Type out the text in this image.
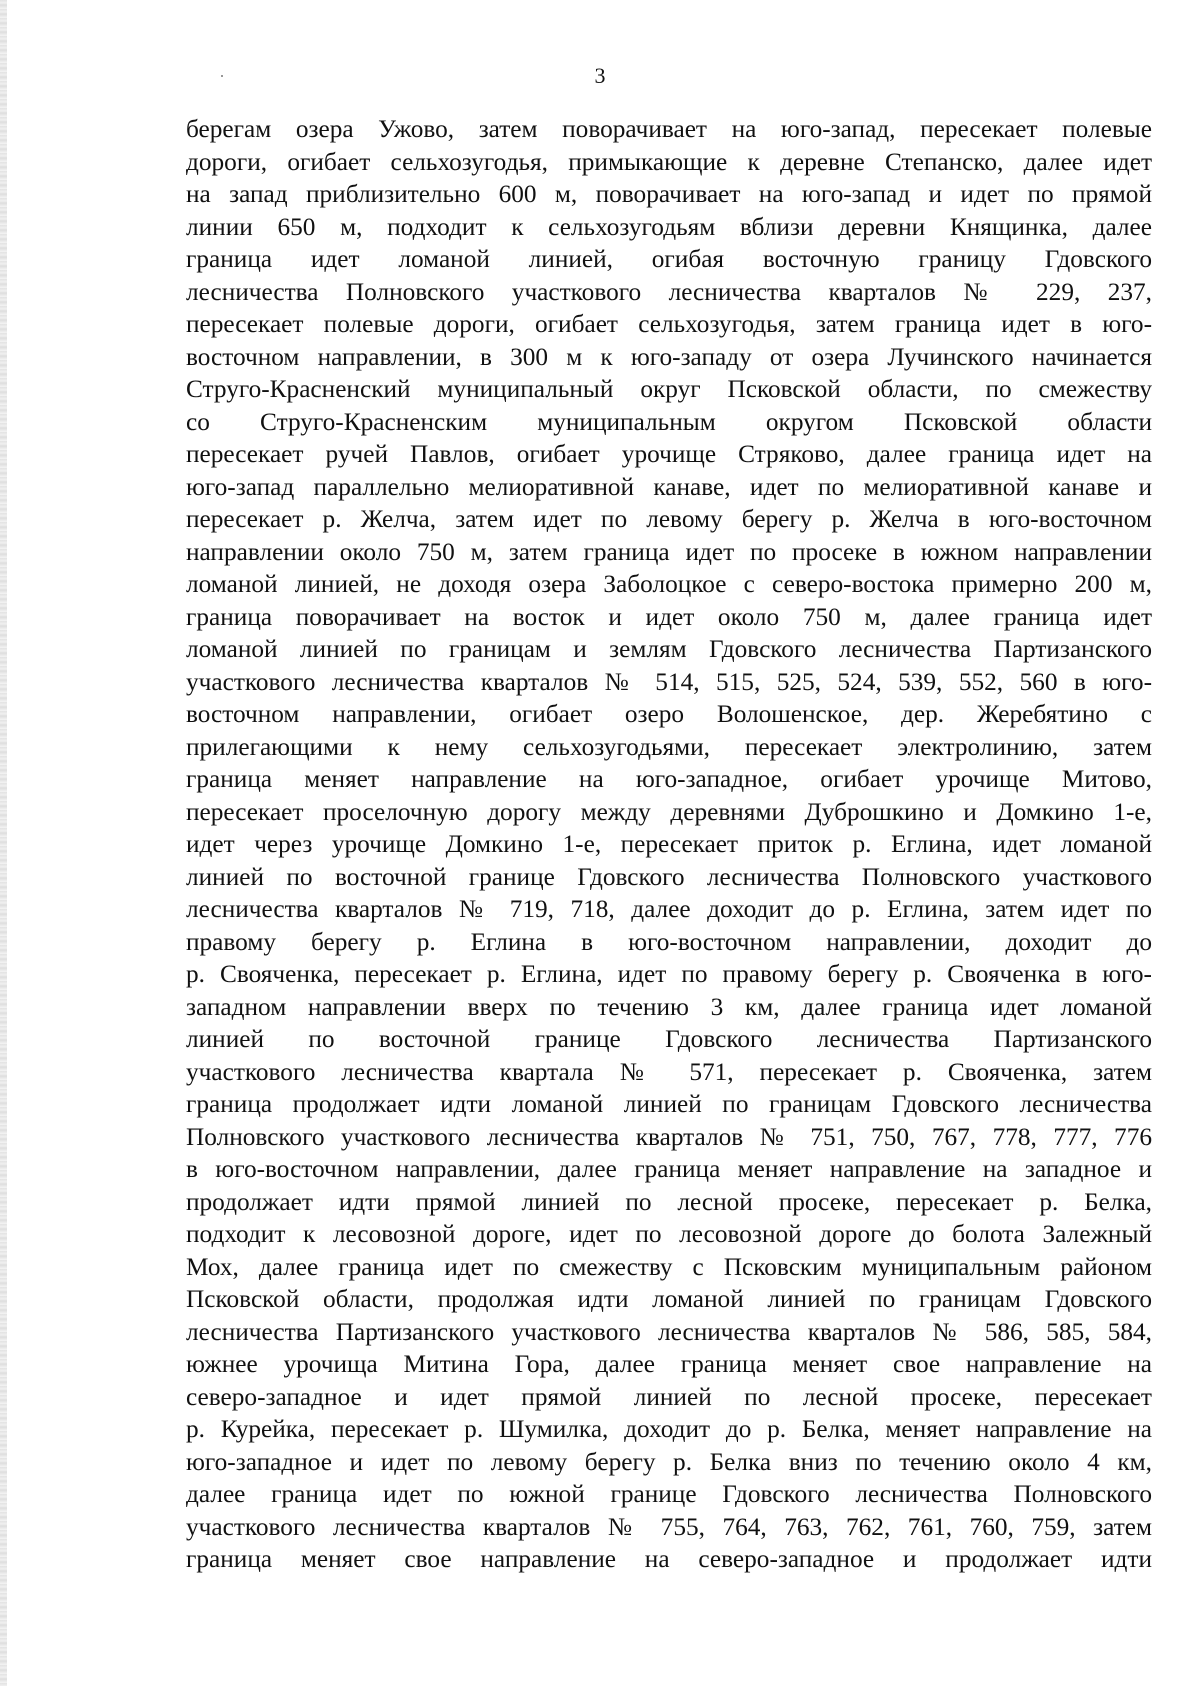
3
берегам озера Ужово, затем поворачивает на юго-запад, пересекает полевые
дороги, огибает сельхозугодья, примыкающие к деревне Степанско, далее идет
на запад приблизительно 600 м, поворачивает на юго-запад и идет по прямой
линии 650 м, подходит к сельхозугодьям вблизи деревни Княщинка, далее
граница идет ломаной линией, огибая восточную границу Гдовского
лесничества Полновского участкового лесничества кварталов № 229, 237,
пересекает полевые дороги, огибает сельхозугодья, затем граница идет в юго-
восточном направлении, в 300 м к юго-западу от озера Лучинского начинается
Струго-Красненский муниципальный округ Псковской области, по смежеству
со Струго-Красненским муниципальным округом Псковской области
пересекает ручей Павлов, огибает урочище Стряково, далее граница идет на
юго-запад параллельно мелиоративной канаве, идет по мелиоративной канаве и
пересекает р. Желча, затем идет по левому берегу р. Желча в юго-восточном
направлении около 750 м, затем граница идет по просеке в южном направлении
ломаной линией, не доходя озера Заболоцкое с северо-востока примерно 200 м,
граница поворачивает на восток и идет около 750 м, далее граница идет
ломаной линией по границам и землям Гдовского лесничества Партизанского
участкового лесничества кварталов № 514, 515, 525, 524, 539, 552, 560 в юго-
восточном направлении, огибает озеро Волошенское, дер. Жеребятино с
прилегающими к нему сельхозугодьями, пересекает электролинию, затем
граница меняет направление на юго-западное, огибает урочище Митово,
пересекает проселочную дорогу между деревнями Дуброшкино и Домкино 1-е,
идет через урочище Домкино 1-е, пересекает приток р. Еглина, идет ломаной
линией по восточной границе Гдовского лесничества Полновского участкового
лесничества кварталов № 719, 718, далее доходит до р. Еглина, затем идет по
правому берегу р. Еглина в юго-восточном направлении, доходит до
р. Свояченка, пересекает р. Еглина, идет по правому берегу р. Свояченка в юго-
западном направлении вверх по течению 3 км, далее граница идет ломаной
линией по восточной границе Гдовского лесничества Партизанского
участкового лесничества квартала № 571, пересекает р. Свояченка, затем
граница продолжает идти ломаной линией по границам Гдовского лесничества
Полновского участкового лесничества кварталов № 751, 750, 767, 778, 777, 776
в юго-восточном направлении, далее граница меняет направление на западное и
продолжает идти прямой линией по лесной просеке, пересекает р. Белка,
подходит к лесовозной дороге, идет по лесовозной дороге до болота Залежный
Мох, далее граница идет по смежеству с Псковским муниципальным районом
Псковской области, продолжая идти ломаной линией по границам Гдовского
лесничества Партизанского участкового лесничества кварталов № 586, 585, 584,
южнее урочища Митина Гора, далее граница меняет свое направление на
северо-западное и идет прямой линией по лесной просеке, пересекает
р. Курейка, пересекает р. Шумилка, доходит до р. Белка, меняет направление на
юго-западное и идет по левому берегу р. Белка вниз по течению около 4 км,
далее граница идет по южной границе Гдовского лесничества Полновского
участкового лесничества кварталов № 755, 764, 763, 762, 761, 760, 759, затем
граница меняет свое направление на северо-западное и продолжает идти
